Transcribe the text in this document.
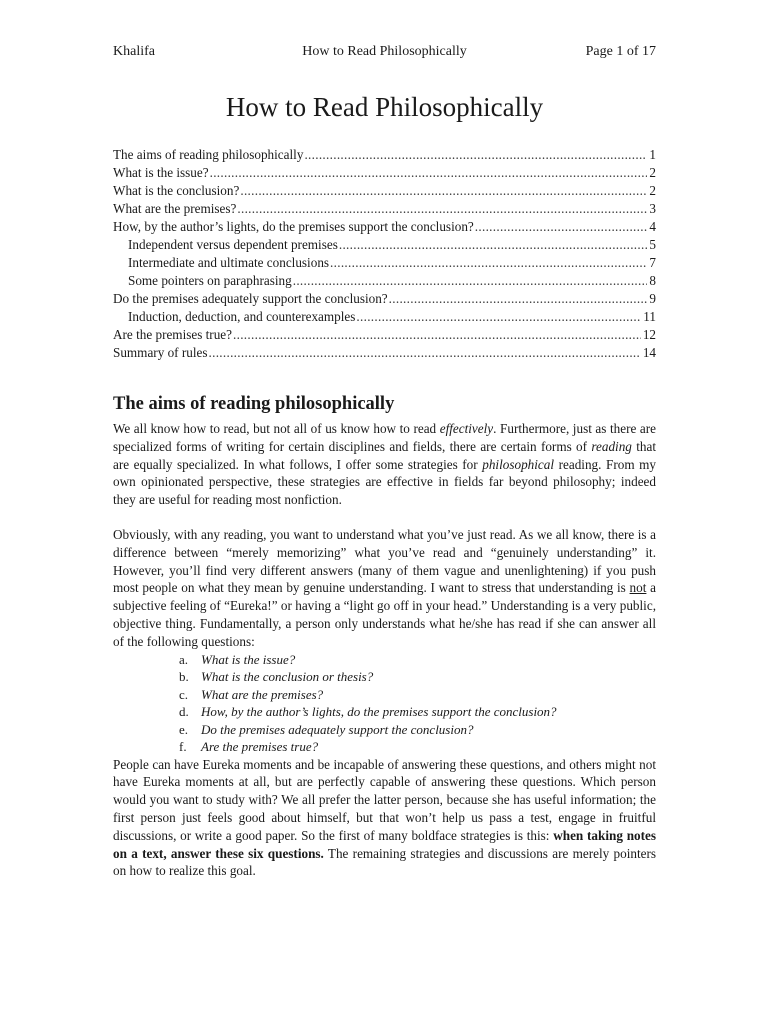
Khalifa	How to Read Philosophically	Page 1 of 17
How to Read Philosophically
The aims of reading philosophically .....	1
What is the issue? .....	2
What is the conclusion? .....	2
What are the premises? .....	3
How, by the author’s lights, do the premises support the conclusion? .....	4
Independent versus dependent premises .....	5
Intermediate and ultimate conclusions .....	7
Some pointers on paraphrasing .....	8
Do the premises adequately support the conclusion? .....	9
Induction, deduction, and counterexamples .....	11
Are the premises true? .....	12
Summary of rules .....	14
The aims of reading philosophically

We all know how to read, but not all of us know how to read effectively. Furthermore, just as there are specialized forms of writing for certain disciplines and fields, there are certain forms of reading that are equally specialized. In what follows, I offer some strategies for philosophical reading. From my own opinionated perspective, these strategies are effective in fields far beyond philosophy; indeed they are useful for reading most nonfiction.

Obviously, with any reading, you want to understand what you’ve just read. As we all know, there is a difference between “merely memorizing” what you’ve read and “genuinely understanding” it. However, you’ll find very different answers (many of them vague and unenlightening) if you push most people on what they mean by genuine understanding. I want to stress that understanding is not a subjective feeling of “Eureka!” or having a “light go off in your head.” Understanding is a very public, objective thing. Fundamentally, a person only understands what he/she has read if she can answer all of the following questions:

a. What is the issue?
b. What is the conclusion or thesis?
c. What are the premises?
d. How, by the author’s lights, do the premises support the conclusion?
e. Do the premises adequately support the conclusion?
f.	Are the premises true?

People can have Eureka moments and be incapable of answering these questions, and others might not have Eureka moments at all, but are perfectly capable of answering these questions. Which person would you want to study with? We all prefer the latter person, because she has useful information; the first person just feels good about himself, but that won’t help us pass a test, engage in fruitful discussions, or write a good paper. So the first of many boldface strategies is this: when taking notes on a text, answer these six questions. The remaining strategies and discussions are merely pointers on how to realize this goal.
